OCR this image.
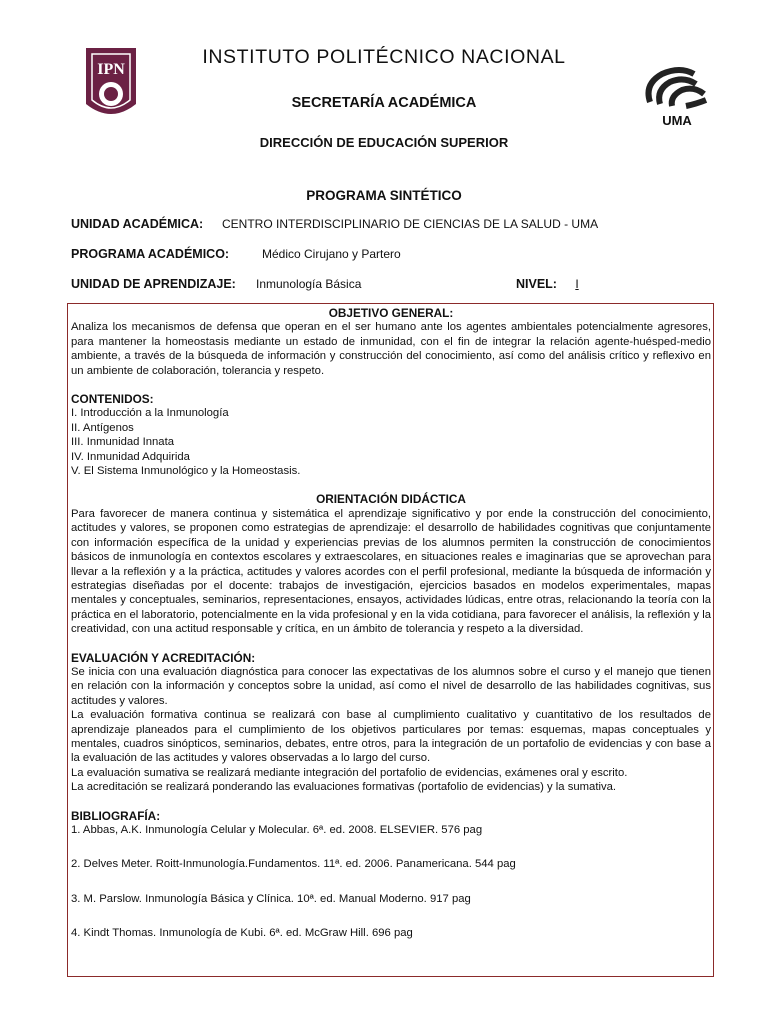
IPN
UMA
INSTITUTO POLITÉCNICO NACIONAL
SECRETARÍA ACADÉMICA
DIRECCIÓN DE EDUCACIÓN SUPERIOR
PROGRAMA SINTÉTICO
UNIDAD ACADÉMICA: CENTRO INTERDISCIPLINARIO DE CIENCIAS DE LA SALUD - UMA
PROGRAMA ACADÉMICO:	Médico Cirujano y Partero
UNIDAD DE APRENDIZAJE: Inmunología Básica	NIVEL: I
OBJETIVO GENERAL:

Analiza los mecanismos de defensa que operan en el ser humano ante los agentes ambientales potencialmente agresores, para mantener la homeostasis mediante un estado de inmunidad, con el fin de integrar la relación agente-huésped-medio ambiente, a través de la búsqueda de información y construcción del conocimiento, así como del análisis crítico y reflexivo en un ambiente de colaboración, tolerancia y respeto.

CONTENIDOS:
I. Introducción a la Inmunología
II. Antígenos
III. Inmunidad Innata
IV. Inmunidad Adquirida
V. El Sistema Inmunológico y la Homeostasis.
ORIENTACIÓN DIDÁCTICA

Para favorecer de manera continua y sistemática el aprendizaje significativo y por ende la construcción del conocimiento, actitudes y valores, se proponen como estrategias de aprendizaje: el desarrollo de habilidades cognitivas que conjuntamente con información específica de la unidad y experiencias previas de los alumnos permiten la construcción de conocimientos básicos de inmunología en contextos escolares y extraescolares, en situaciones reales e imaginarias que se aprovechan para llevar a la reflexión y a la práctica, actitudes y valores acordes con el perfil profesional, mediante la búsqueda de información y estrategias diseñadas por el docente: trabajos de investigación, ejercicios basados en modelos experimentales, mapas mentales y conceptuales, seminarios, representaciones, ensayos, actividades lúdicas, entre otras, relacionando la teoría con la práctica en el laboratorio, potencialmente en la vida profesional y en la vida cotidiana, para favorecer el análisis, la reflexión y la creatividad, con una actitud responsable y crítica, en un ámbito de tolerancia y respeto a la diversidad.

EVALUACIÓN Y ACREDITACIÓN:

Se inicia con una evaluación diagnóstica para conocer las expectativas de los alumnos sobre el curso y el manejo que tienen en relación con la información y conceptos sobre la unidad, así como el nivel de desarrollo de las habilidades cognitivas, sus actitudes y valores.

La evaluación formativa continua se realizará con base al cumplimiento cualitativo y cuantitativo de los resultados de aprendizaje planeados para el cumplimiento de los objetivos particulares por temas: esquemas, mapas conceptuales y mentales, cuadros sinópticos, seminarios, debates, entre otros, para la integración de un portafolio de evidencias y con base a la evaluación de las actitudes y valores observadas a lo largo del curso.

La evaluación sumativa se realizará mediante integración del portafolio de evidencias, exámenes oral y escrito.

La acreditación se realizará ponderando las evaluaciones formativas (portafolio de evidencias) y la sumativa.

BIBLIOGRAFÍA:

1. Abbas, A.K. Inmunología Celular y Molecular. 6ª. ed. 2008. ELSEVIER. 576 pag

2. Delves Meter. Roitt-Inmunología.Fundamentos. 11ª. ed. 2006. Panamericana. 544 pag

3. M. Parslow. Inmunología Básica y Clínica. 10ª. ed. Manual Moderno. 917 pag

4. Kindt Thomas. Inmunología de Kubi. 6ª. ed. McGraw Hill. 696 pag
